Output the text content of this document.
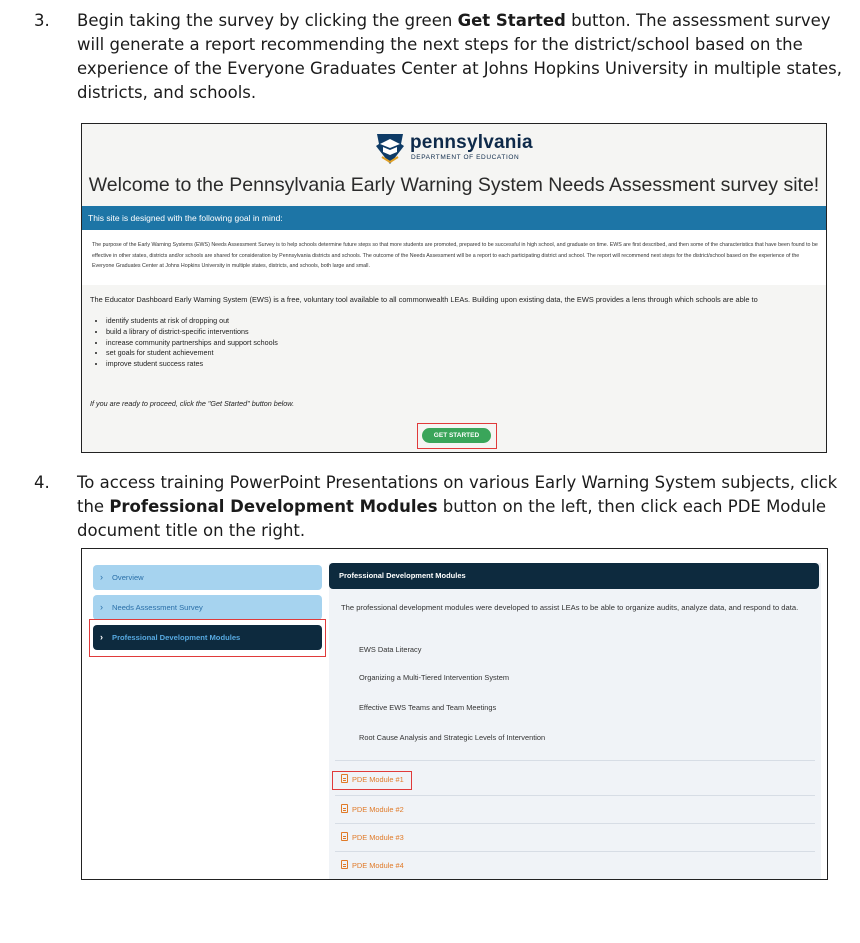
3. Begin taking the survey by clicking the green Get Started button. The assessment survey will generate a report recommending the next steps for the district/school based on the experience of the Everyone Graduates Center at Johns Hopkins University in multiple states, districts, and schools.
pennsylvania
DEPARTMENT OF EDUCATION
Welcome to the Pennsylvania Early Warning System Needs Assessment survey site!
This site is designed with the following goal in mind:
The purpose of the Early Warning Systems (EWS) Needs Assessment Survey is to help schools determine future steps so that more students are promoted, prepared to be successful in high school, and graduate on time. EWS are first described, and then some of the characteristics that have been found to be effective in other states, districts and/or schools are shared for consideration by Pennsylvania districts and schools. The outcome of the Needs Assessment will be a report to each participating district and school. The report will recommend next steps for the district/school based on the experience of the Everyone Graduates Center at Johns Hopkins University in multiple states, districts, and schools, both large and small.
The Educator Dashboard Early Warning System (EWS) is a free, voluntary tool available to all commonwealth LEAs. Building upon existing data, the EWS provides a lens through which schools are able to
• identify students at risk of dropping out
• build a library of district-specific interventions
• increase community partnerships and support schools
• set goals for student achievement
• improve student success rates
If you are ready to proceed, click the "Get Started" button below.
GET STARTED
4. To access training PowerPoint Presentations on various Early Warning System subjects, click the Professional Development Modules button on the left, then click each PDE Module document title on the right.
› Overview
› Needs Assessment Survey
› Professional Development Modules
Professional Development Modules
The professional development modules were developed to assist LEAs to be able to organize audits, analyze data, and respond to data.
EWS Data Literacy
Organizing a Multi-Tiered Intervention System
Effective EWS Teams and Team Meetings
Root Cause Analysis and Strategic Levels of Intervention
PDE Module #1
PDE Module #2
PDE Module #3
PDE Module #4
